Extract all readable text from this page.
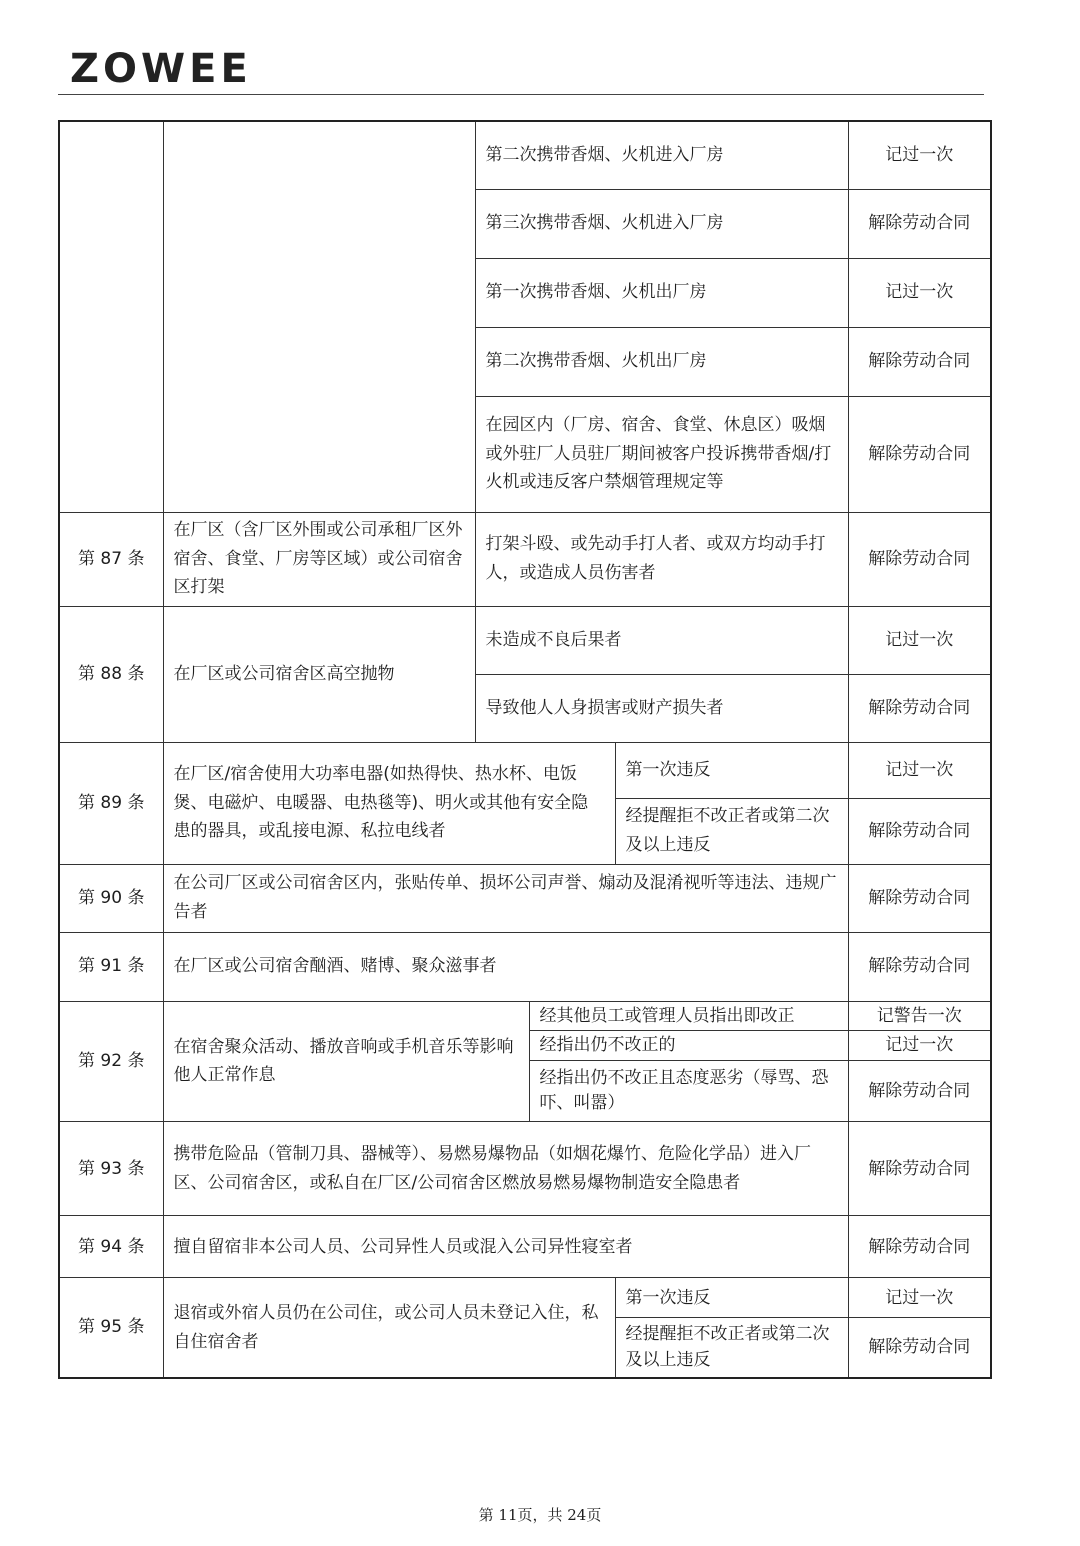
ZOWEE
		第二次携带香烟、火机进入厂房			记过一次
		第三次携带香烟、火机进入厂房			解除劳动合同
		第一次携带香烟、火机出厂房			记过一次
		第二次携带香烟、火机出厂房			解除劳动合同
		在园区内（厂房、宿舍、食堂、休息区）吸烟或外驻厂人员驻厂期间被客户投诉携带香烟/打火机或违反客户禁烟管理规定等			解除劳动合同
第 87 条	在厂区（含厂区外围或公司承租厂区外宿舍、食堂、厂房等区域）或公司宿舍区打架	打架斗殴、或先动手打人者、或双方均动手打人，或造成人员伤害者			解除劳动合同
第 88 条	在厂区或公司宿舍区高空抛物	未造成不良后果者			记过一次
		导致他人人身损害或财产损失者			解除劳动合同
第 89 条	在厂区/宿舍使用大功率电器(如热得快、热水杯、电饭煲、电磁炉、电暖器、电热毯等)、明火或其他有安全隐患的器具，或乱接电源、私拉电线者			第一次违反	记过一次
				经提醒拒不改正者或第二次及以上违反	解除劳动合同
第 90 条	在公司厂区或公司宿舍区内，张贴传单、损坏公司声誉、煽动及混淆视听等违法、违规广告者				解除劳动合同
第 91 条	在厂区或公司宿舍酗酒、赌博、聚众滋事者				解除劳动合同
第 92 条	在宿舍聚众活动、播放音响或手机音乐等影响他人正常作息		经其他员工或管理人员指出即改正		记警告一次
			经指出仍不改正的		记过一次
			经指出仍不改正且态度恶劣（辱骂、恐吓、叫嚣）		解除劳动合同
第 93 条	携带危险品（管制刀具、器械等）、易燃易爆物品（如烟花爆竹、危险化学品）进入厂区、公司宿舍区，或私自在厂区/公司宿舍区燃放易燃易爆物制造安全隐患者				解除劳动合同
第 94 条	擅自留宿非本公司人员、公司异性人员或混入公司异性寝室者				解除劳动合同
第 95 条	退宿或外宿人员仍在公司住，或公司人员未登记入住，私自住宿舍者			第一次违反	记过一次
				经提醒拒不改正者或第二次及以上违反	解除劳动合同
第 11页，共 24页
